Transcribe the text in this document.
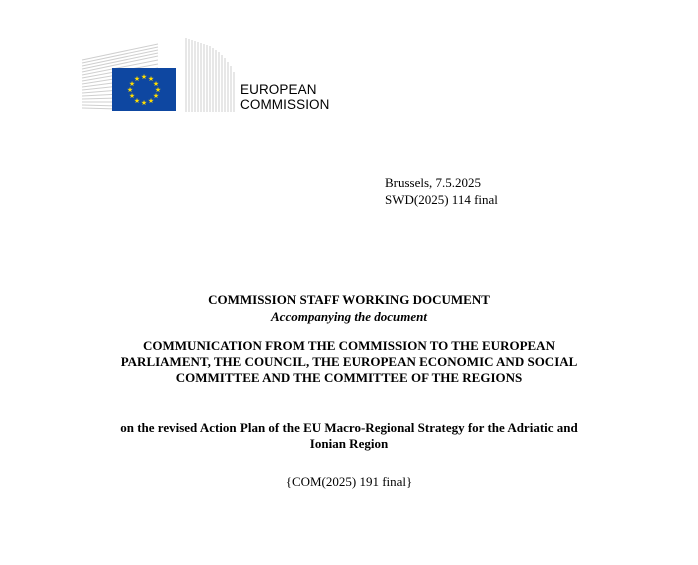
★ ★
★
★
★
★
★
★
★
★
★
★
EUROPEAN
COMMISSION
Brussels, 7.5.2025
SWD(2025) 114 final
COMMISSION STAFF WORKING DOCUMENT
Accompanying the document
COMMUNICATION FROM THE COMMISSION TO THE EUROPEAN
PARLIAMENT, THE COUNCIL, THE EUROPEAN ECONOMIC AND SOCIAL
COMMITTEE AND THE COMMITTEE OF THE REGIONS
on the revised Action Plan of the EU Macro-Regional Strategy for the Adriatic and
Ionian Region
{COM(2025) 191 final}
